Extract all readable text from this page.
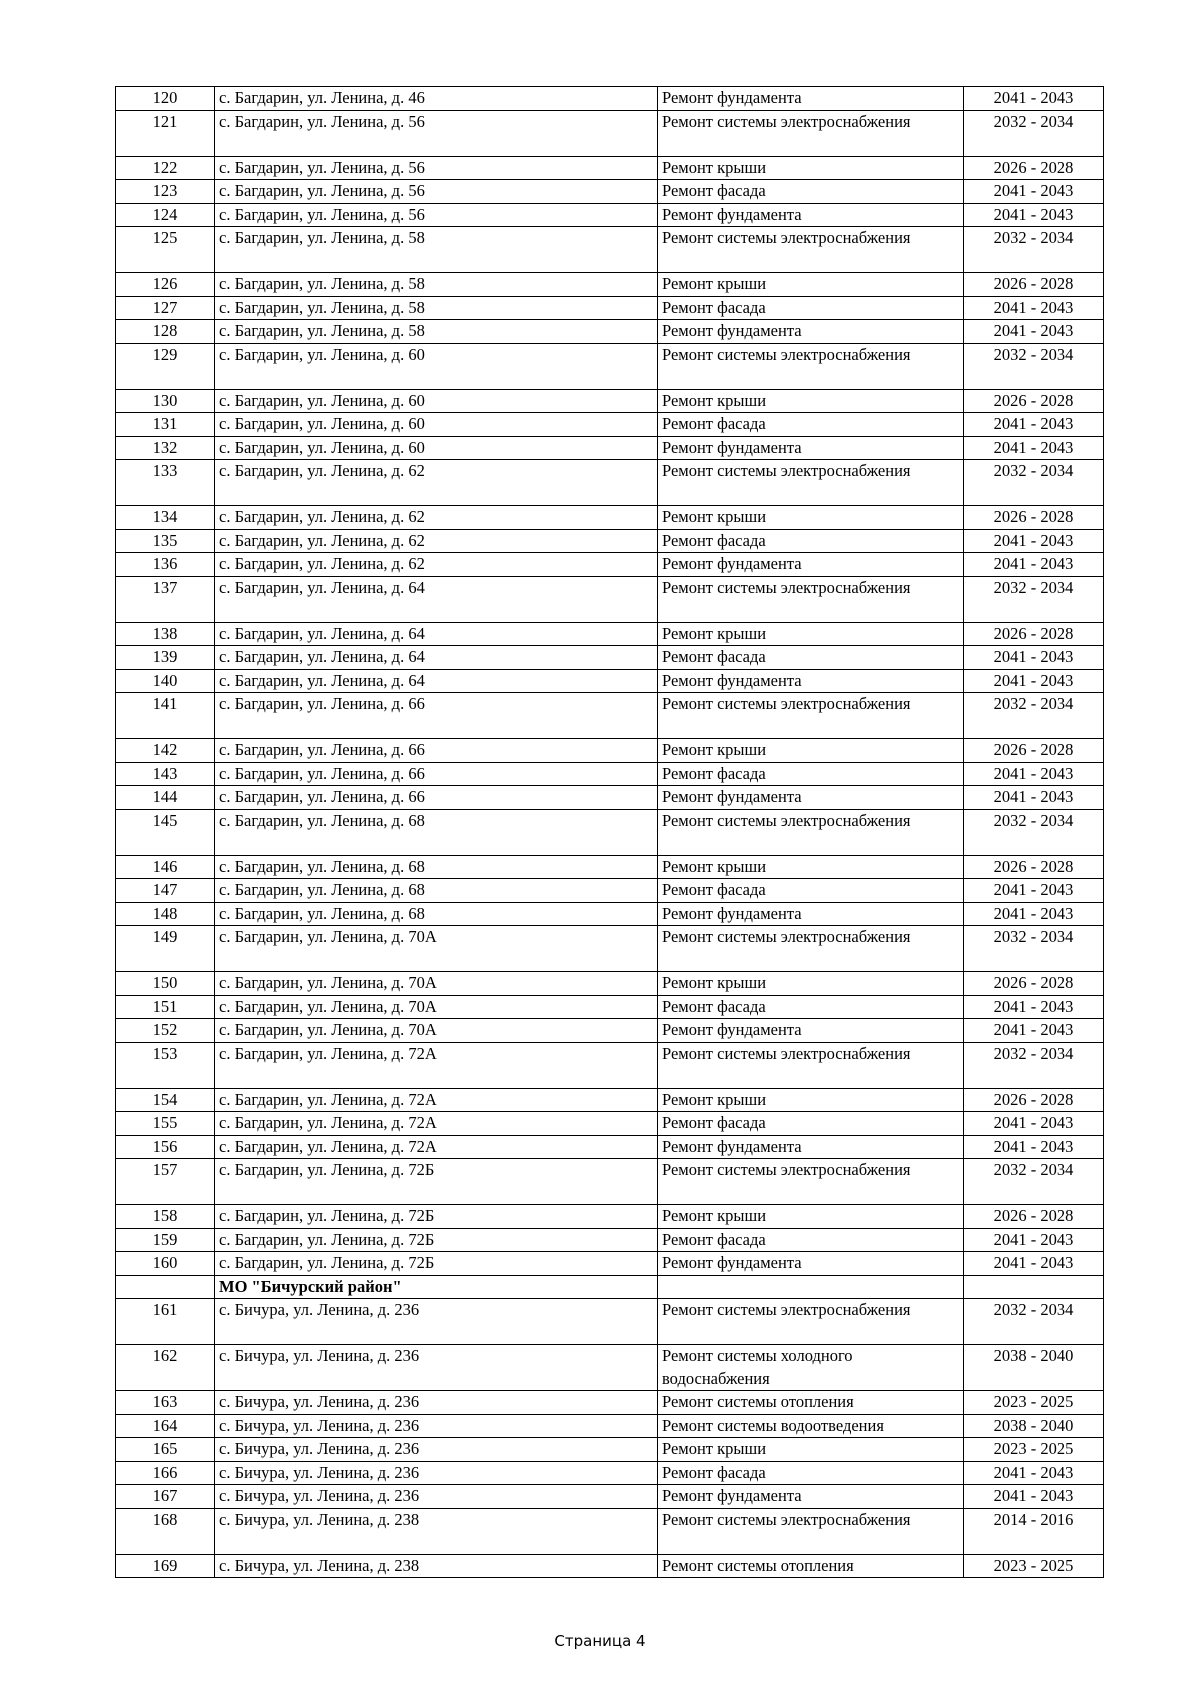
120	с. Багдарин, ул. Ленина, д. 46	Ремонт фундамента	2041 - 2043
121	с. Багдарин, ул. Ленина, д. 56	Ремонт системы электроснабжения	2032 - 2034
122	с. Багдарин, ул. Ленина, д. 56	Ремонт крыши	2026 - 2028
123	с. Багдарин, ул. Ленина, д. 56	Ремонт фасада	2041 - 2043
124	с. Багдарин, ул. Ленина, д. 56	Ремонт фундамента	2041 - 2043
125	с. Багдарин, ул. Ленина, д. 58	Ремонт системы электроснабжения	2032 - 2034
126	с. Багдарин, ул. Ленина, д. 58	Ремонт крыши	2026 - 2028
127	с. Багдарин, ул. Ленина, д. 58	Ремонт фасада	2041 - 2043
128	с. Багдарин, ул. Ленина, д. 58	Ремонт фундамента	2041 - 2043
129	с. Багдарин, ул. Ленина, д. 60	Ремонт системы электроснабжения	2032 - 2034
130	с. Багдарин, ул. Ленина, д. 60	Ремонт крыши	2026 - 2028
131	с. Багдарин, ул. Ленина, д. 60	Ремонт фасада	2041 - 2043
132	с. Багдарин, ул. Ленина, д. 60	Ремонт фундамента	2041 - 2043
133	с. Багдарин, ул. Ленина, д. 62	Ремонт системы электроснабжения	2032 - 2034
134	с. Багдарин, ул. Ленина, д. 62	Ремонт крыши	2026 - 2028
135	с. Багдарин, ул. Ленина, д. 62	Ремонт фасада	2041 - 2043
136	с. Багдарин, ул. Ленина, д. 62	Ремонт фундамента	2041 - 2043
137	с. Багдарин, ул. Ленина, д. 64	Ремонт системы электроснабжения	2032 - 2034
138	с. Багдарин, ул. Ленина, д. 64	Ремонт крыши	2026 - 2028
139	с. Багдарин, ул. Ленина, д. 64	Ремонт фасада	2041 - 2043
140	с. Багдарин, ул. Ленина, д. 64	Ремонт фундамента	2041 - 2043
141	с. Багдарин, ул. Ленина, д. 66	Ремонт системы электроснабжения	2032 - 2034
142	с. Багдарин, ул. Ленина, д. 66	Ремонт крыши	2026 - 2028
143	с. Багдарин, ул. Ленина, д. 66	Ремонт фасада	2041 - 2043
144	с. Багдарин, ул. Ленина, д. 66	Ремонт фундамента	2041 - 2043
145	с. Багдарин, ул. Ленина, д. 68	Ремонт системы электроснабжения	2032 - 2034
146	с. Багдарин, ул. Ленина, д. 68	Ремонт крыши	2026 - 2028
147	с. Багдарин, ул. Ленина, д. 68	Ремонт фасада	2041 - 2043
148	с. Багдарин, ул. Ленина, д. 68	Ремонт фундамента	2041 - 2043
149	с. Багдарин, ул. Ленина, д. 70А	Ремонт системы электроснабжения	2032 - 2034
150	с. Багдарин, ул. Ленина, д. 70А	Ремонт крыши	2026 - 2028
151	с. Багдарин, ул. Ленина, д. 70А	Ремонт фасада	2041 - 2043
152	с. Багдарин, ул. Ленина, д. 70А	Ремонт фундамента	2041 - 2043
153	с. Багдарин, ул. Ленина, д. 72А	Ремонт системы электроснабжения	2032 - 2034
154	с. Багдарин, ул. Ленина, д. 72А	Ремонт крыши	2026 - 2028
155	с. Багдарин, ул. Ленина, д. 72А	Ремонт фасада	2041 - 2043
156	с. Багдарин, ул. Ленина, д. 72А	Ремонт фундамента	2041 - 2043
157	с. Багдарин, ул. Ленина, д. 72Б	Ремонт системы электроснабжения	2032 - 2034
158	с. Багдарин, ул. Ленина, д. 72Б	Ремонт крыши	2026 - 2028
159	с. Багдарин, ул. Ленина, д. 72Б	Ремонт фасада	2041 - 2043
160	с. Багдарин, ул. Ленина, д. 72Б	Ремонт фундамента	2041 - 2043
	МО "Бичурский район"		
161	с. Бичура, ул. Ленина, д. 236	Ремонт системы электроснабжения	2032 - 2034
162	с. Бичура, ул. Ленина, д. 236	Ремонт системы холодного водоснабжения	2038 - 2040
163	с. Бичура, ул. Ленина, д. 236	Ремонт системы отопления	2023 - 2025
164	с. Бичура, ул. Ленина, д. 236	Ремонт системы водоотведения	2038 - 2040
165	с. Бичура, ул. Ленина, д. 236	Ремонт крыши	2023 - 2025
166	с. Бичура, ул. Ленина, д. 236	Ремонт фасада	2041 - 2043
167	с. Бичура, ул. Ленина, д. 236	Ремонт фундамента	2041 - 2043
168	с. Бичура, ул. Ленина, д. 238	Ремонт системы электроснабжения	2014 - 2016
169	с. Бичура, ул. Ленина, д. 238	Ремонт системы отопления	2023 - 2025
Страница 4
